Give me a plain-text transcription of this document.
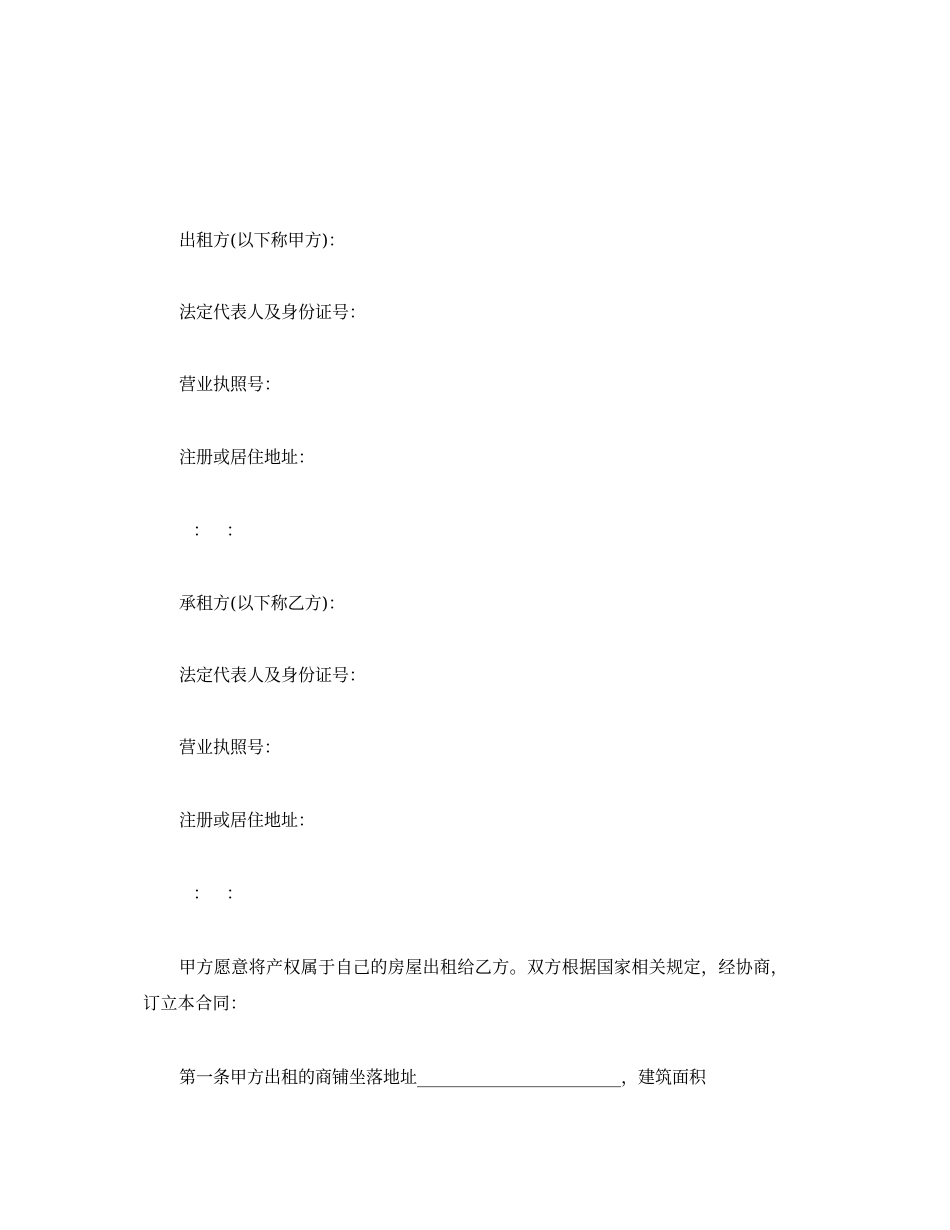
出租方(以下称甲方)：
法定代表人及身份证号：
营业执照号：
注册或居住地址：
：   ：
承租方(以下称乙方)：
法定代表人及身份证号：
营业执照号：
注册或居住地址：
：   ：
甲方愿意将产权属于自己的房屋出租给乙方。双方根据国家相关规定，经协商，订立本合同：
第一条甲方出租的商铺坐落地址________________________，建筑面积
